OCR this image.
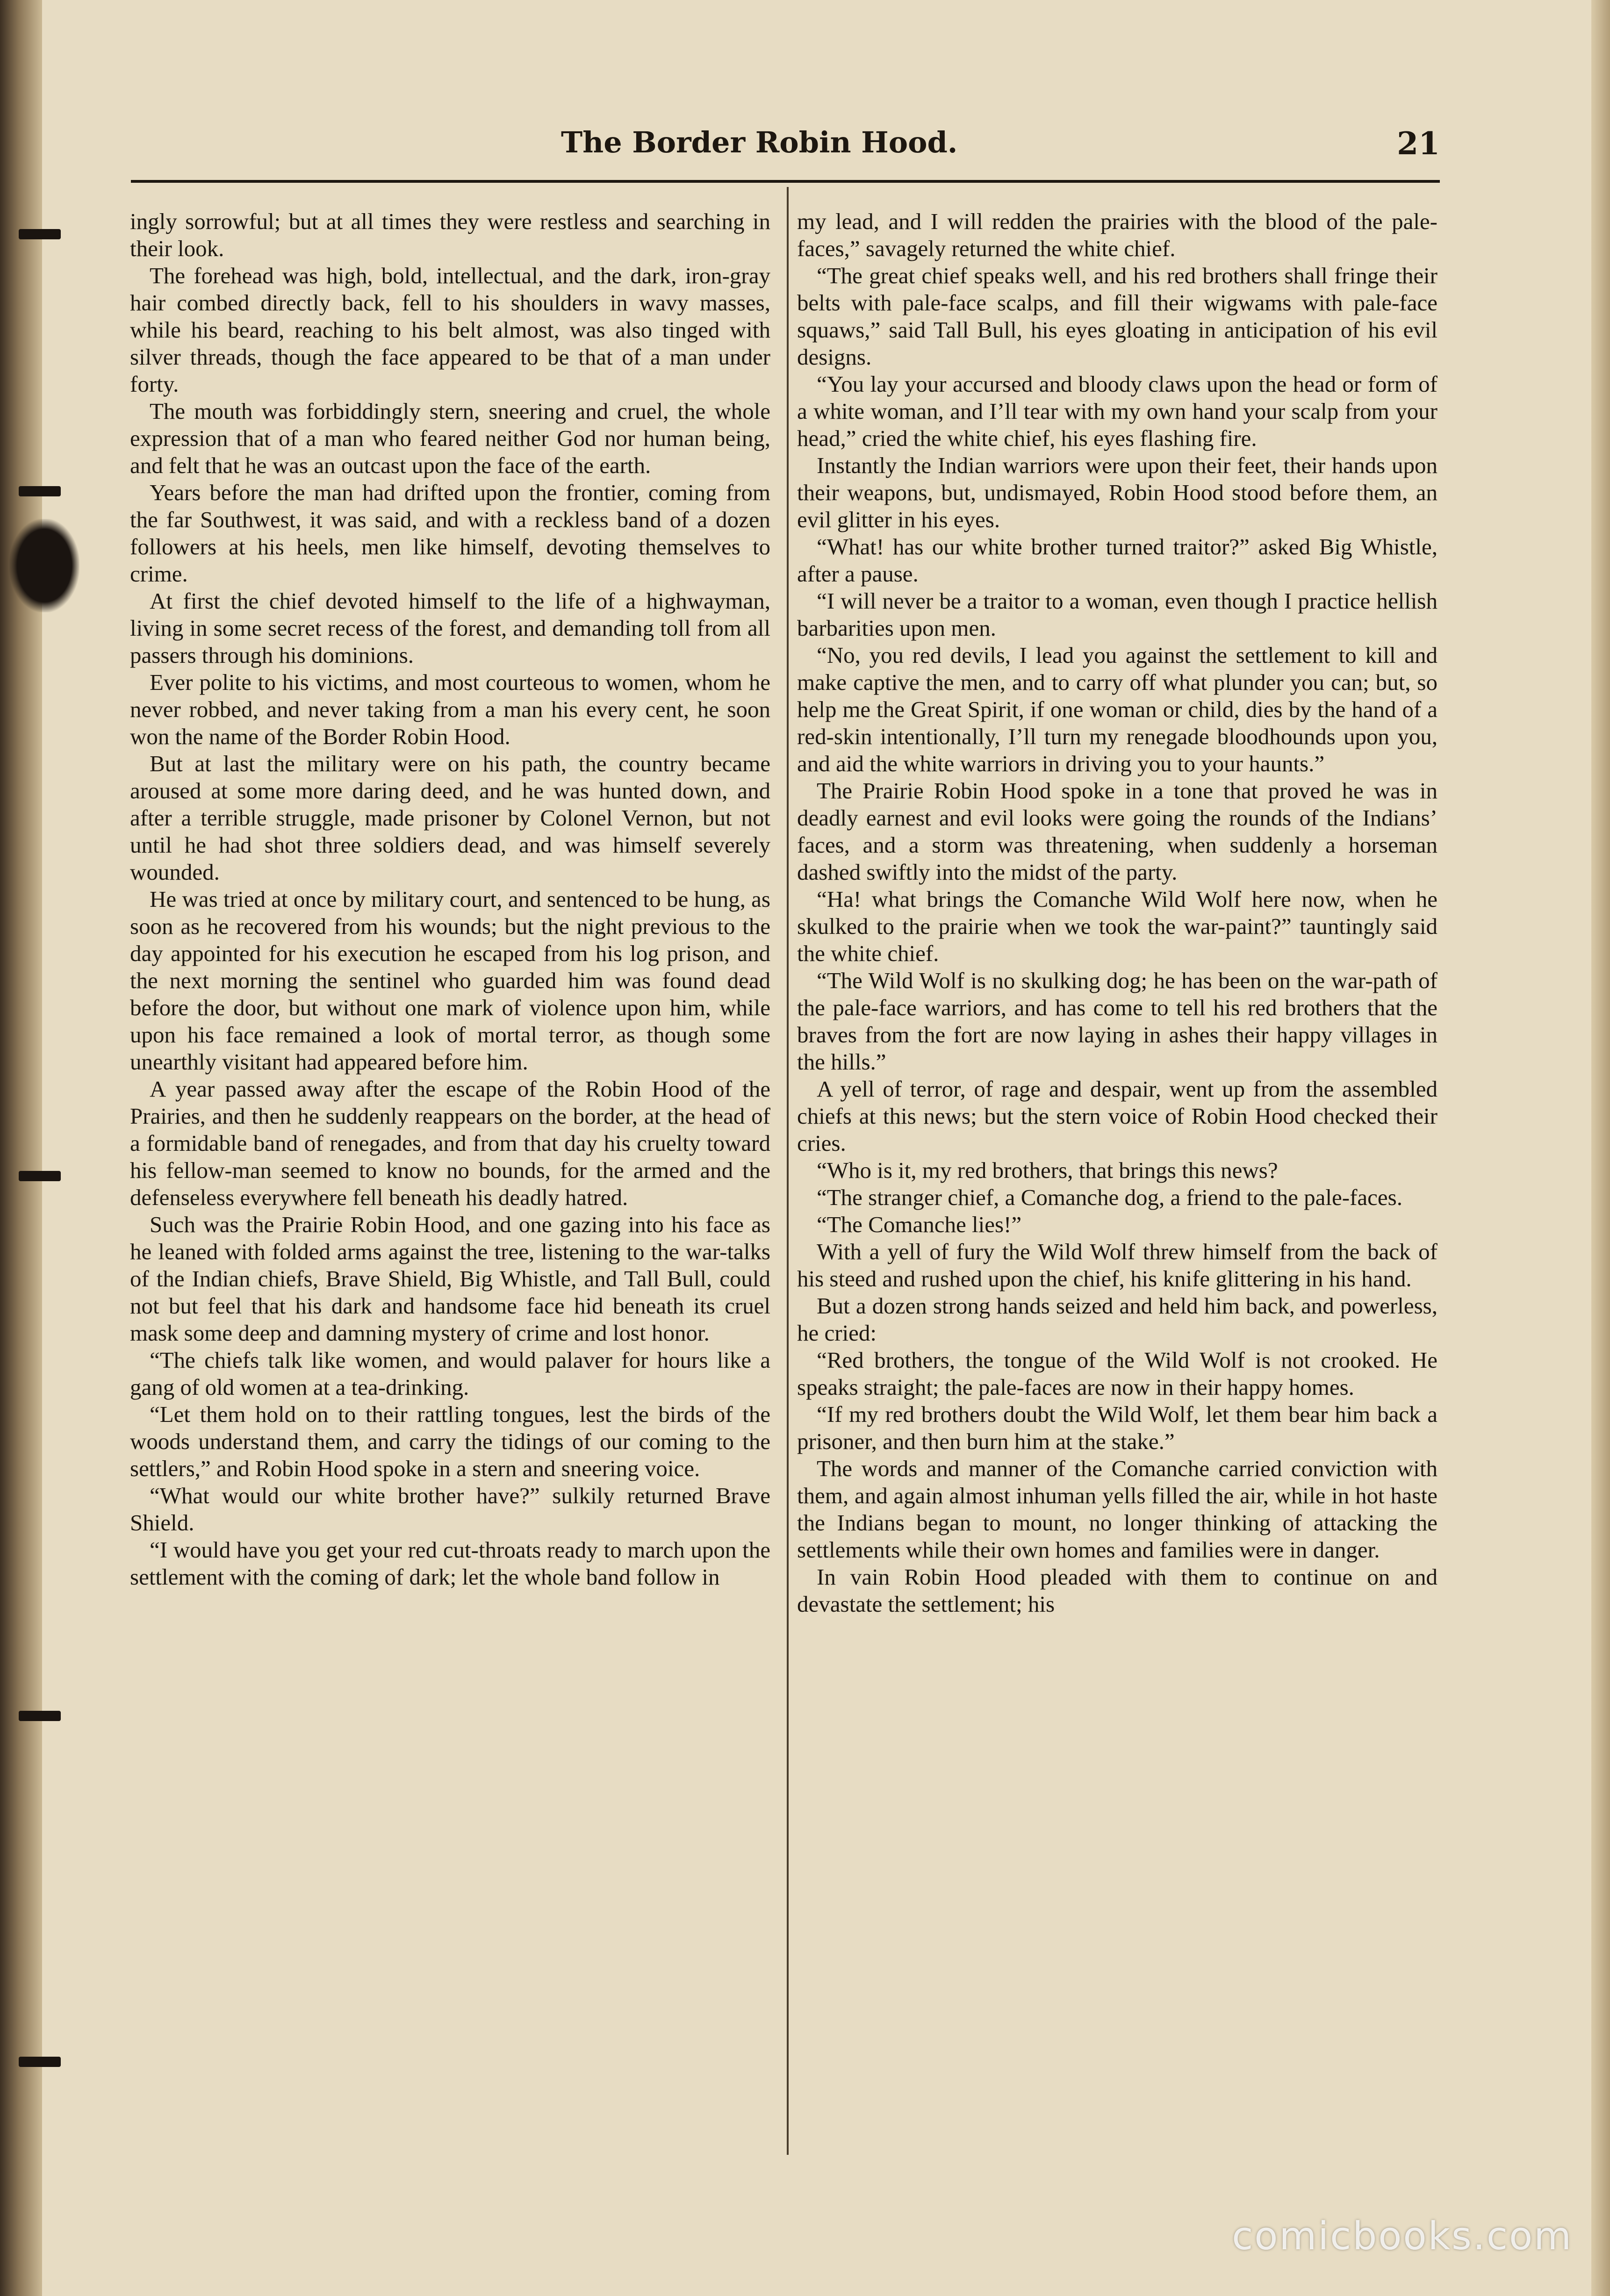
The Border Robin Hood.	21

ingly sorrowful; but at all times they were restless and searching in their look.

The forehead was high, bold, intellectual, and the dark, iron-gray hair combed directly back, fell to his shoulders in wavy masses, while his beard, reaching to his belt almost, was also tinged with silver threads, though the face appeared to be that of a man under forty.

The mouth was forbiddingly stern, sneering and cruel, the whole expression that of a man who feared neither God nor human being, and felt that he was an outcast upon the face of the earth.

Years before the man had drifted upon the frontier, coming from the far Southwest, it was said, and with a reckless band of a dozen followers at his heels, men like himself, devoting themselves to crime.

At first the chief devoted himself to the life of a highwayman, living in some secret recess of the forest, and demanding toll from all passers through his dominions.

Ever polite to his victims, and most courteous to women, whom he never robbed, and never taking from a man his every cent, he soon won the name of the Border Robin Hood.

But at last the military were on his path, the country became aroused at some more daring deed, and he was hunted down, and after a terrible struggle, made prisoner by Colonel Vernon, but not until he had shot three soldiers dead, and was himself severely wounded.

He was tried at once by military court, and sentenced to be hung, as soon as he recovered from his wounds; but the night previous to the day appointed for his execution he escaped from his log prison, and the next morning the sentinel who guarded him was found dead before the door, but without one mark of violence upon him, while upon his face remained a look of mortal terror, as though some unearthly visitant had appeared before him.

A year passed away after the escape of the Robin Hood of the Prairies, and then he suddenly reappears on the border, at the head of a formidable band of renegades, and from that day his cruelty toward his fellow-man seemed to know no bounds, for the armed and the defenseless everywhere fell beneath his deadly hatred.

Such was the Prairie Robin Hood, and one gazing into his face as he leaned with folded arms against the tree, listening to the war-talks of the Indian chiefs, Brave Shield, Big Whistle, and Tall Bull, could not but feel that his dark and handsome face hid beneath its cruel mask some deep and damning mystery of crime and lost honor.

“The chiefs talk like women, and would palaver for hours like a gang of old women at a tea-drinking.

“Let them hold on to their rattling tongues, lest the birds of the woods understand them, and carry the tidings of our coming to the settlers,” and Robin Hood spoke in a stern and sneering voice.

“What would our white brother have?” sulkily returned Brave Shield.

“I would have you get your red cut-throats ready to march upon the settlement with the coming of dark; let the whole band follow in

my lead, and I will redden the prairies with the blood of the pale-faces,” savagely returned the white chief.

“The great chief speaks well, and his red brothers shall fringe their belts with pale-face scalps, and fill their wigwams with pale-face squaws,” said Tall Bull, his eyes gloating in anticipation of his evil designs.

“You lay your accursed and bloody claws upon the head or form of a white woman, and I’ll tear with my own hand your scalp from your head,” cried the white chief, his eyes flashing fire.

Instantly the Indian warriors were upon their feet, their hands upon their weapons, but, undismayed, Robin Hood stood before them, an evil glitter in his eyes.

“What! has our white brother turned traitor?” asked Big Whistle, after a pause.

“I will never be a traitor to a woman, even though I practice hellish barbarities upon men.

“No, you red devils, I lead you against the settlement to kill and make captive the men, and to carry off what plunder you can; but, so help me the Great Spirit, if one woman or child, dies by the hand of a red-skin intentionally, I’ll turn my renegade bloodhounds upon you, and aid the white warriors in driving you to your haunts.”

The Prairie Robin Hood spoke in a tone that proved he was in deadly earnest and evil looks were going the rounds of the Indians’ faces, and a storm was threatening, when suddenly a horseman dashed swiftly into the midst of the party.

“Ha! what brings the Comanche Wild Wolf here now, when he skulked to the prairie when we took the war-paint?” tauntingly said the white chief.

“The Wild Wolf is no skulking dog; he has been on the war-path of the pale-face warriors, and has come to tell his red brothers that the braves from the fort are now laying in ashes their happy villages in the hills.”

A yell of terror, of rage and despair, went up from the assembled chiefs at this news; but the stern voice of Robin Hood checked their cries.

“Who is it, my red brothers, that brings this news?

“The stranger chief, a Comanche dog, a friend to the pale-faces.

“The Comanche lies!”

With a yell of fury the Wild Wolf threw himself from the back of his steed and rushed upon the chief, his knife glittering in his hand.

But a dozen strong hands seized and held him back, and powerless, he cried:

“Red brothers, the tongue of the Wild Wolf is not crooked. He speaks straight; the pale-faces are now in their happy homes.

“If my red brothers doubt the Wild Wolf, let them bear him back a prisoner, and then burn him at the stake.”

The words and manner of the Comanche carried conviction with them, and again almost inhuman yells filled the air, while in hot haste the Indians began to mount, no longer thinking of attacking the settlements while their own homes and families were in danger.

In vain Robin Hood pleaded with them to continue on and devastate the settlement; his

comicbooks.com
